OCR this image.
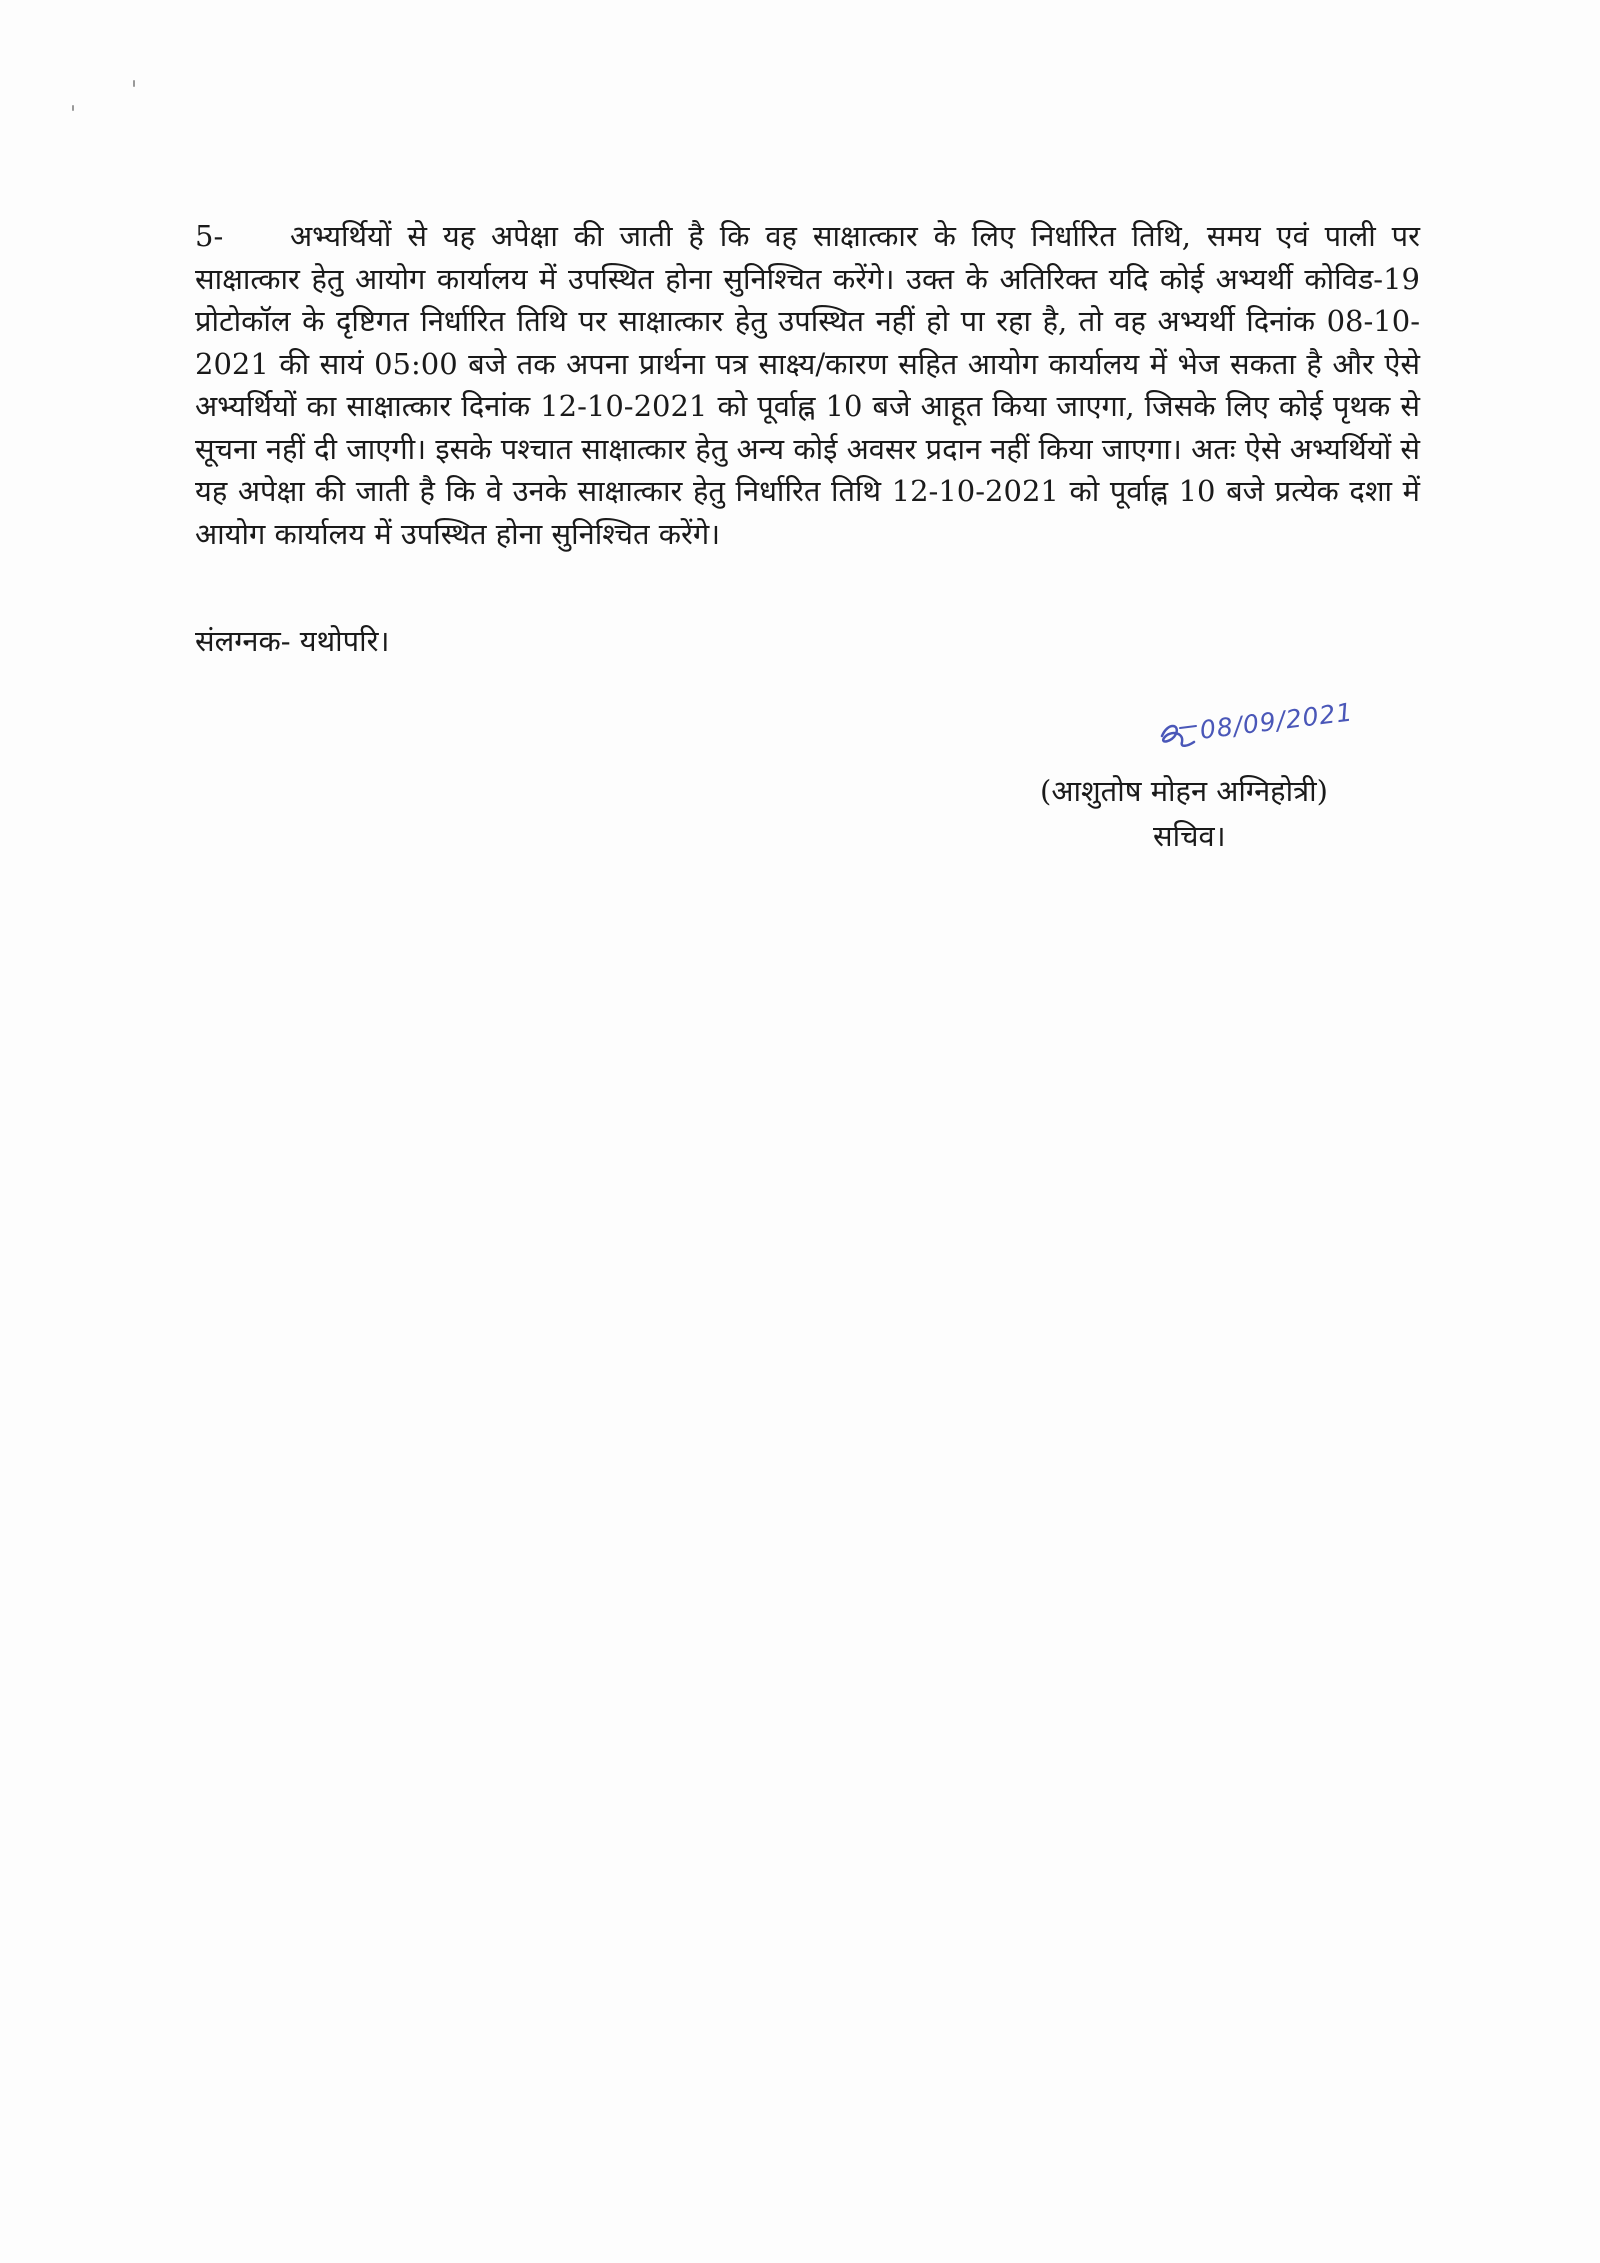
5- अभ्यर्थियों से यह अपेक्षा की जाती है कि वह साक्षात्कार के लिए निर्धारित तिथि, समय एवं पाली पर साक्षात्कार हेतु आयोग कार्यालय में उपस्थित होना सुनिश्चित करेंगे। उक्त के अतिरिक्त यदि कोई अभ्यर्थी कोविड-19 प्रोटोकॉल के दृष्टिगत निर्धारित तिथि पर साक्षात्कार हेतु उपस्थित नहीं हो पा रहा है, तो वह अभ्यर्थी दिनांक 08-10-2021 की सायं 05:00 बजे तक अपना प्रार्थना पत्र साक्ष्य/कारण सहित आयोग कार्यालय में भेज सकता है और ऐसे अभ्यर्थियों का साक्षात्कार दिनांक 12-10-2021 को पूर्वाह्न 10 बजे आहूत किया जाएगा, जिसके लिए कोई पृथक से सूचना नहीं दी जाएगी। इसके पश्चात साक्षात्कार हेतु अन्य कोई अवसर प्रदान नहीं किया जाएगा। अतः ऐसे अभ्यर्थियों से यह अपेक्षा की जाती है कि वे उनके साक्षात्कार हेतु निर्धारित तिथि 12-10-2021 को पूर्वाह्न 10 बजे प्रत्येक दशा में आयोग कार्यालय में उपस्थित होना सुनिश्चित करेंगे।
संलग्नक- यथोपरि।
08/09/2021
(आशुतोष मोहन अग्निहोत्री)
सचिव।
